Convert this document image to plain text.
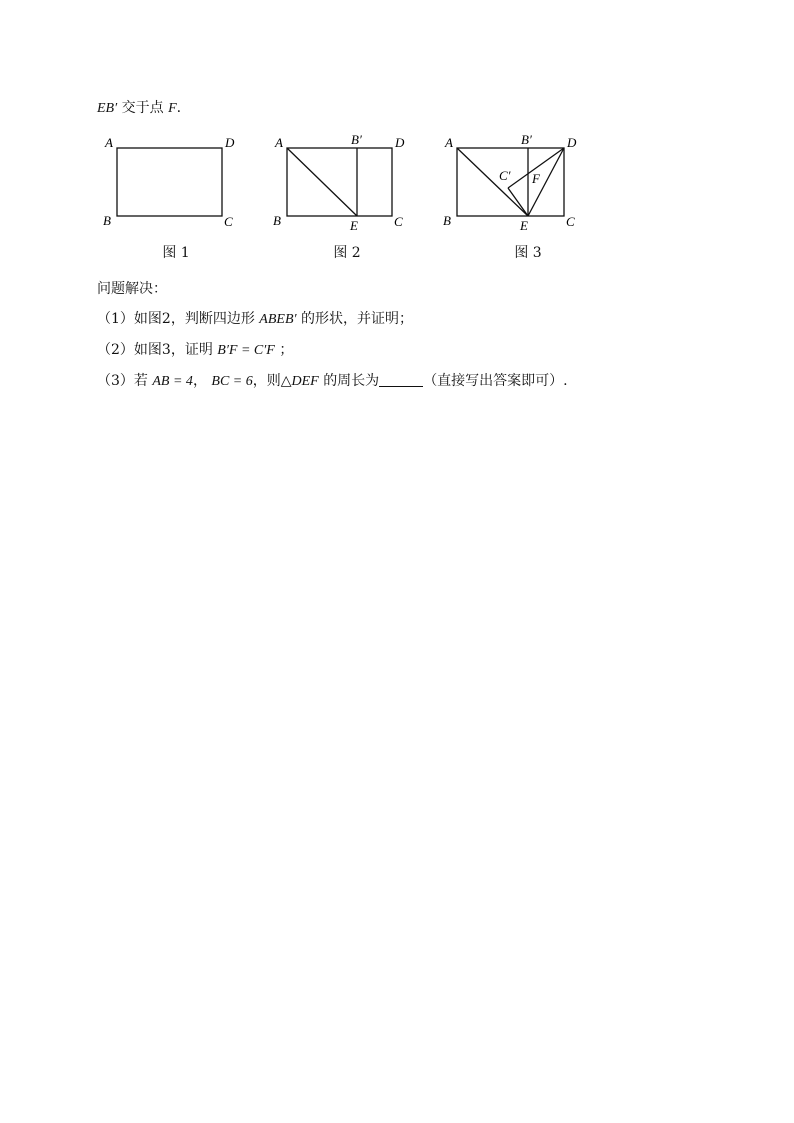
EB′ 交于点 F.
A	D
B	C
图 1
A	B′	D
B	E	C
图 2
A	B′	D
C′ F
B	E	C
图 3
问题解决：
（1）如图2，判断四边形 ABEB′ 的形状，并证明；
（2）如图3，证明 B′F = C′F ；
（3）若 AB = 4， BC = 6，则△DEF 的周长为	（直接写出答案即可）.
